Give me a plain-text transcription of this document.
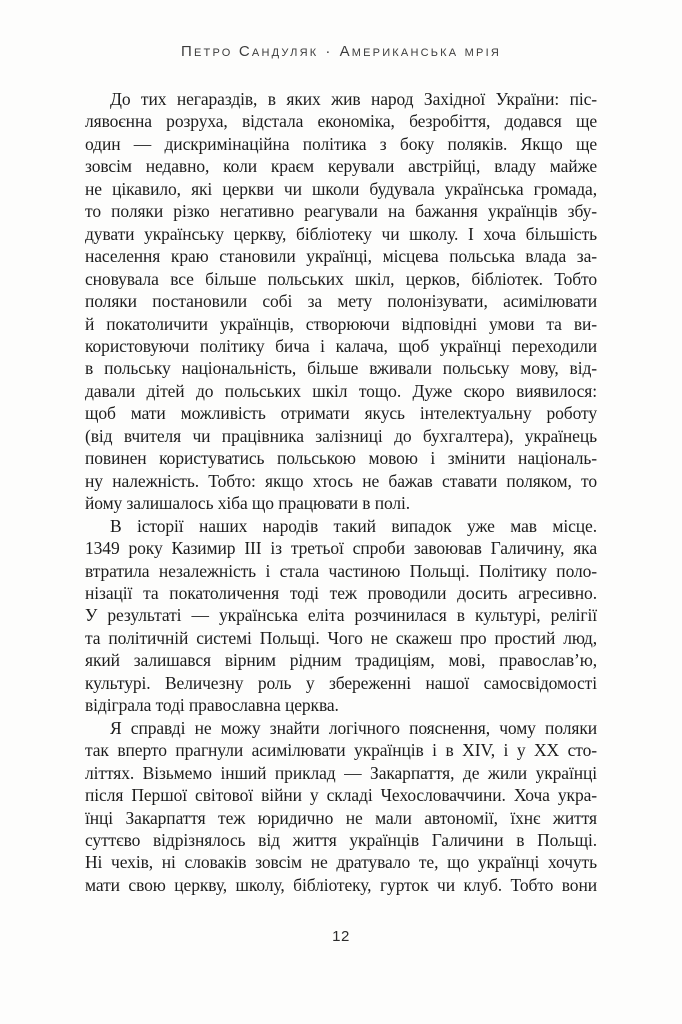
Петро Сандуляк · Американська мрія
До тих негараздів, в яких жив народ Західної України: піс-
лявоєнна розруха, відстала економіка, безробіття, додався ще
один — дискримінаційна політика з боку поляків. Якщо ще
зовсім недавно, коли краєм керували австрійці, владу майже
не цікавило, які церкви чи школи будувала українська громада,
то поляки різко негативно реагували на бажання українців збу-
дувати українську церкву, бібліотеку чи школу. І хоча більшість
населення краю становили українці, місцева польська влада за-
сновувала все більше польських шкіл, церков, бібліотек. Тобто
поляки постановили собі за мету полонізувати, асимілювати
й покатоличити українців, створюючи відповідні умови та ви-
користовуючи політику бича і калача, щоб українці переходили
в польську національність, більше вживали польську мову, від-
давали дітей до польських шкіл тощо. Дуже скоро виявилося:
щоб мати можливість отримати якусь інтелектуальну роботу
(від вчителя чи працівника залізниці до бухгалтера), українець
повинен користуватись польською мовою і змінити національ-
ну належність. Тобто: якщо хтось не бажав ставати поляком, то
йому залишалось хіба що працювати в полі.
В історії наших народів такий випадок уже мав місце.
1349 року Казимир III із третьої спроби завоював Галичину, яка
втратила незалежність і стала частиною Польщі. Політику поло-
нізації та покатоличення тоді теж проводили досить агресивно.
У результаті — українська еліта розчинилася в культурі, релігії
та політичній системі Польщі. Чого не скажеш про простий люд,
який залишався вірним рідним традиціям, мові, православ’ю,
культурі. Величезну роль у збереженні нашої самосвідомості
відіграла тоді православна церква.
Я справді не можу знайти логічного пояснення, чому поляки
так вперто прагнули асимілювати українців і в XIV, і у XX сто-
літтях. Візьмемо інший приклад — Закарпаття, де жили українці
після Першої світової війни у складі Чехословаччини. Хоча укра-
їнці Закарпаття теж юридично не мали автономії, їхнє життя
суттєво відрізнялось від життя українців Галичини в Польщі.
Ні чехів, ні словаків зовсім не дратувало те, що українці хочуть
мати свою церкву, школу, бібліотеку, гурток чи клуб. Тобто вони
12
